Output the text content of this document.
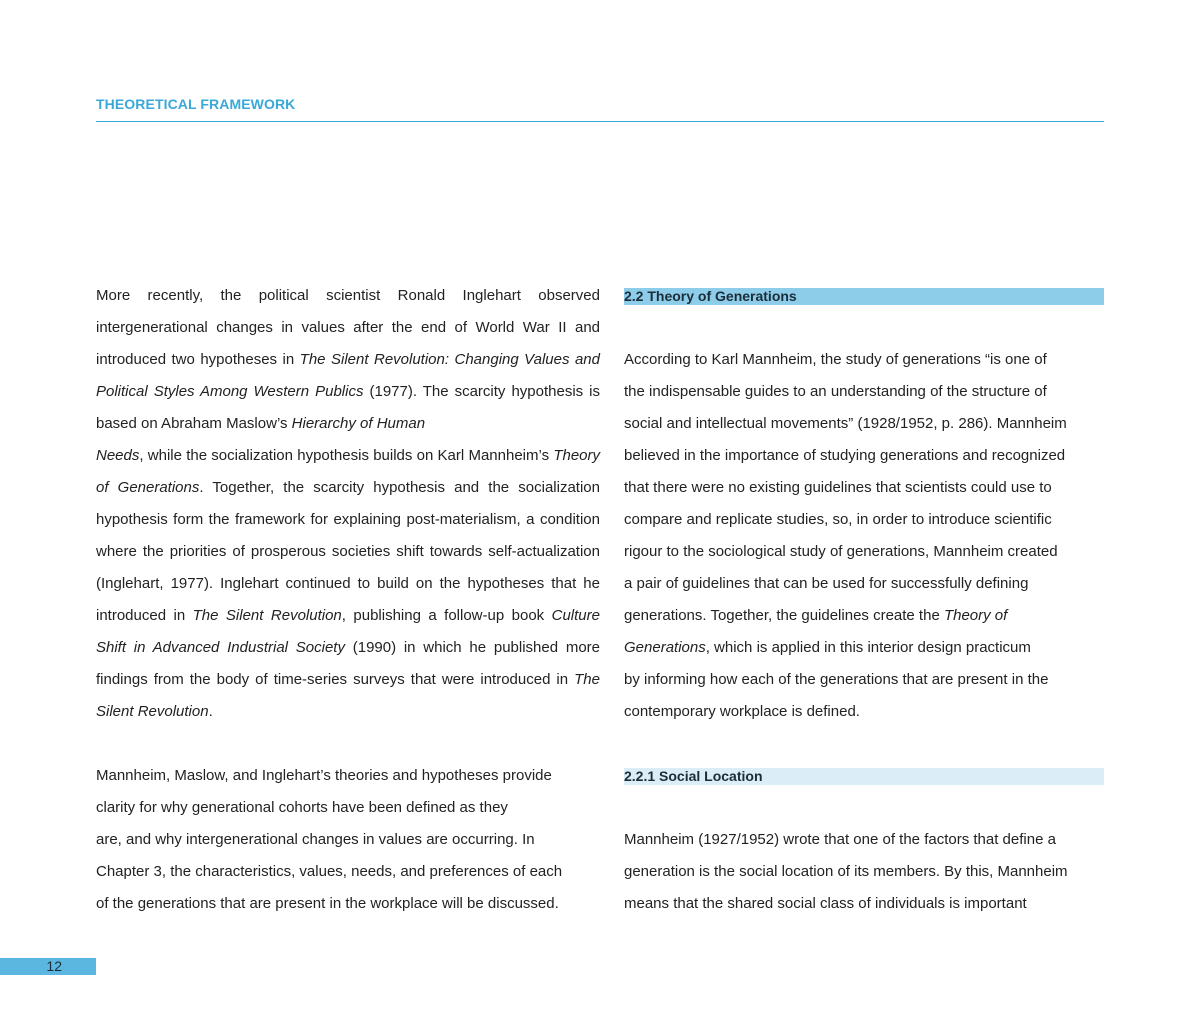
THEORETICAL FRAMEWORK

More recently, the political scientist Ronald Inglehart observed intergenerational changes in values after the end of World War II and introduced two hypotheses in The Silent Revolution: Changing Values and Political Styles Among Western Publics (1977). The scarcity hypothesis is based on Abraham Maslow’s Hierarchy of Human
Needs, while the socialization hypothesis builds on Karl Mannheim’s Theory of Generations. Together, the scarcity hypothesis and the socialization hypothesis form the framework for explaining post-materialism, a condition where the priorities of prosperous societies shift towards self-actualization (Inglehart, 1977). Inglehart continued to build on the hypotheses that he introduced in The Silent Revolution, publishing a follow-up book Culture Shift in Advanced Industrial Society (1990) in which he published more findings from the body of time-series surveys that were introduced in The Silent Revolution.

Mannheim, Maslow, and Inglehart’s theories and hypotheses provide
clarity for why generational cohorts have been defined as they
are, and why intergenerational changes in values are occurring. In
Chapter 3, the characteristics, values, needs, and preferences of each
of the generations that are present in the workplace will be discussed.

2.2 Theory of Generations

According to Karl Mannheim, the study of generations “is one of
the indispensable guides to an understanding of the structure of
social and intellectual movements” (1928/1952, p. 286). Mannheim
believed in the importance of studying generations and recognized
that there were no existing guidelines that scientists could use to
compare and replicate studies, so, in order to introduce scientific
rigour to the sociological study of generations, Mannheim created
a pair of guidelines that can be used for successfully defining
generations. Together, the guidelines create the Theory of
Generations, which is applied in this interior design practicum
by informing how each of the generations that are present in the
contemporary workplace is defined.

2.2.1 Social Location

Mannheim (1927/1952) wrote that one of the factors that define a
generation is the social location of its members. By this, Mannheim
means that the shared social class of individuals is important

12
